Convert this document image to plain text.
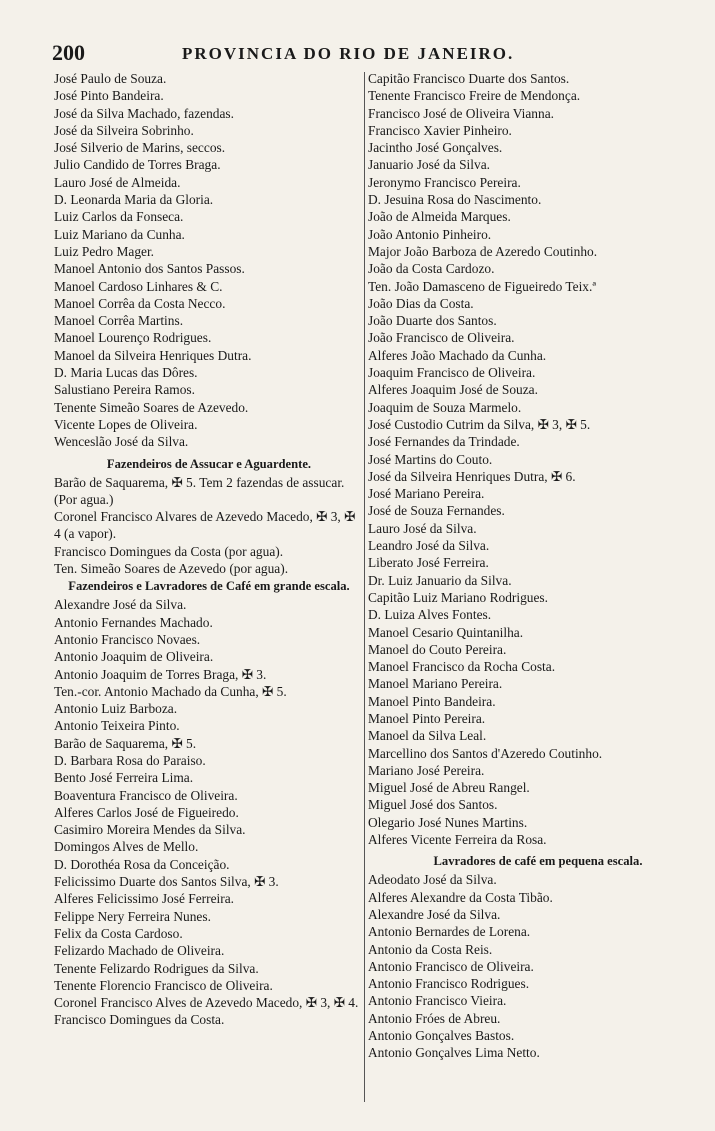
200	PROVINCIA DO RIO DE JANEIRO.
José Paulo de Souza.
José Pinto Bandeira.
José da Silva Machado, fazendas.
José da Silveira Sobrinho.
José Silverio de Marins, seccos.
Julio Candido de Torres Braga.
Lauro José de Almeida.
D. Leonarda Maria da Gloria.
Luiz Carlos da Fonseca.
Luiz Mariano da Cunha.
Luiz Pedro Mager.
Manoel Antonio dos Santos Passos.
Manoel Cardoso Linhares & C.
Manoel Corrêa da Costa Necco.
Manoel Corrêa Martins.
Manoel Lourenço Rodrigues.
Manoel da Silveira Henriques Dutra.
D. Maria Lucas das Dôres.
Salustiano Pereira Ramos.
Tenente Simeão Soares de Azevedo.
Vicente Lopes de Oliveira.
Wenceslão José da Silva.
Fazendeiros de Assucar e Aguardente.
Barão de Saquarema, ✠ 5. Tem 2 fazendas de assucar. (Por agua.)
Coronel Francisco Alvares de Azevedo Macedo, ✠ 3, ✠ 4 (a vapor).
Francisco Domingues da Costa (por agua).
Ten. Simeão Soares de Azevedo (por agua).
Fazendeiros e Lavradores de Café em grande escala.
Alexandre José da Silva.
Antonio Fernandes Machado.
Antonio Francisco Novaes.
Antonio Joaquim de Oliveira.
Antonio Joaquim de Torres Braga, ✠ 3.
Ten.-cor. Antonio Machado da Cunha, ✠ 5.
Antonio Luiz Barboza.
Antonio Teixeira Pinto.
Barão de Saquarema, ✠ 5.
D. Barbara Rosa do Paraiso.
Bento José Ferreira Lima.
Boaventura Francisco de Oliveira.
Alferes Carlos José de Figueiredo.
Casimiro Moreira Mendes da Silva.
Domingos Alves de Mello.
D. Dorothéa Rosa da Conceição.
Felicissimo Duarte dos Santos Silva, ✠ 3.
Alferes Felicissimo José Ferreira.
Felippe Nery Ferreira Nunes.
Felix da Costa Cardoso.
Felizardo Machado de Oliveira.
Tenente Felizardo Rodrigues da Silva.
Tenente Florencio Francisco de Oliveira.
Coronel Francisco Alves de Azevedo Macedo, ✠ 3, ✠ 4.
Francisco Domingues da Costa.
Capitão Francisco Duarte dos Santos.
Tenente Francisco Freire de Mendonça.
Francisco José de Oliveira Vianna.
Francisco Xavier Pinheiro.
Jacintho José Gonçalves.
Januario José da Silva.
Jeronymo Francisco Pereira.
D. Jesuina Rosa do Nascimento.
João de Almeida Marques.
João Antonio Pinheiro.
Major João Barboza de Azeredo Coutinho.
João da Costa Cardozo.
Ten. João Damasceno de Figueiredo Teix.ª
João Dias da Costa.
João Duarte dos Santos.
João Francisco de Oliveira.
Alferes João Machado da Cunha.
Joaquim Francisco de Oliveira.
Alferes Joaquim José de Souza.
Joaquim de Souza Marmelo.
José Custodio Cutrim da Silva, ✠ 3, ✠ 5.
José Fernandes da Trindade.
José Martins do Couto.
José da Silveira Henriques Dutra, ✠ 6.
José Mariano Pereira.
José de Souza Fernandes.
Lauro José da Silva.
Leandro José da Silva.
Liberato José Ferreira.
Dr. Luiz Januario da Silva.
Capitão Luiz Mariano Rodrigues.
D. Luiza Alves Fontes.
Manoel Cesario Quintanilha.
Manoel do Couto Pereira.
Manoel Francisco da Rocha Costa.
Manoel Mariano Pereira.
Manoel Pinto Bandeira.
Manoel Pinto Pereira.
Manoel da Silva Leal.
Marcellino dos Santos d'Azeredo Coutinho.
Mariano José Pereira.
Miguel José de Abreu Rangel.
Miguel José dos Santos.
Olegario José Nunes Martins.
Alferes Vicente Ferreira da Rosa.
Lavradores de café em pequena escala.
Adeodato José da Silva.
Alferes Alexandre da Costa Tibão.
Alexandre José da Silva.
Antonio Bernardes de Lorena.
Antonio da Costa Reis.
Antonio Francisco de Oliveira.
Antonio Francisco Rodrigues.
Antonio Francisco Vieira.
Antonio Fróes de Abreu.
Antonio Gonçalves Bastos.
Antonio Gonçalves Lima Netto.
